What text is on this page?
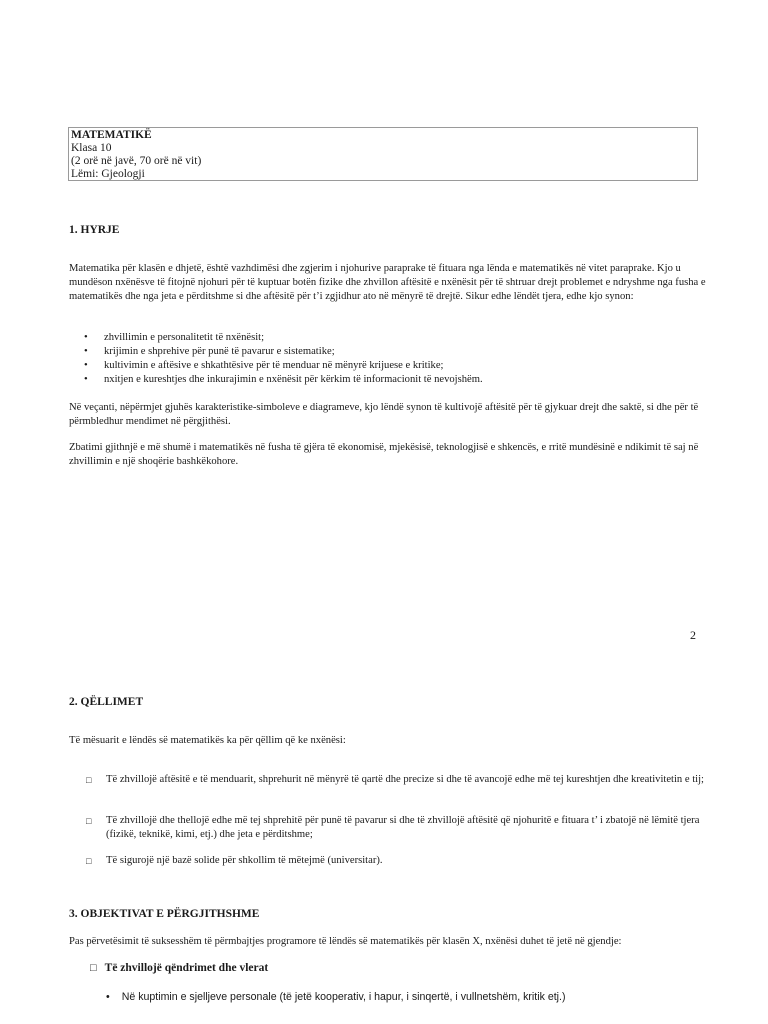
MATEMATIKË
Klasa 10
(2 orë në javë, 70 orë në vit)
Lëmi: Gjeologji
1. HYRJE
Matematika për klasën e dhjetë, është vazhdimësi dhe zgjerim i njohurive paraprake të fituara nga lënda e matematikës në vitet paraprake. Kjo u mundëson nxënësve të fitojnë njohuri për të kuptuar botën fizike dhe zhvillon aftësitë e nxënësit për të shtruar drejt problemet e ndryshme nga fusha e matematikës dhe nga jeta e përditshme si dhe aftësitë për t’i zgjidhur ato në mënyrë të drejtë. Sikur edhe lëndët tjera, edhe kjo synon:
• zhvillimin e personalitetit të nxënësit;
• krijimin e shprehive për punë të pavarur e sistematike;
• kultivimin e aftësive e shkathtësive për të menduar në mënyrë krijuese e kritike;
• nxitjen e kureshtjes dhe inkurajimin e nxënësit për kërkim të informacionit të nevojshëm.
Në veçanti, nëpërmjet gjuhës karakteristike-simboleve e diagrameve, kjo lëndë synon të kultivojë aftësitë për të gjykuar drejt dhe saktë, si dhe për të përmbledhur mendimet në përgjithësi.
Zbatimi gjithnjë e më shumë i matematikës në fusha të gjëra të ekonomisë, mjekësisë, teknologjisë e shkencës, e rritë mundësinë e ndikimit të saj në zhvillimin e një shoqërie bashkëkohore.
2
2. QËLLIMET
Të mësuarit e lëndës së matematikës ka për qëllim që ke nxënësi:
□ Të zhvillojë aftësitë e të menduarit, shprehurit në mënyrë të qartë dhe precize si dhe të avancojë edhe më tej kureshtjen dhe kreativitetin e tij;
□ Të zhvillojë dhe thellojë edhe më tej shprehitë për punë të pavarur si dhe të zhvillojë aftësitë që njohuritë e fituara t’ i zbatojë në lëmitë tjera (fizikë, teknikë, kimi, etj.) dhe jeta e përditshme;
□ Të sigurojë një bazë solide për shkollim të mëtejmë (universitar).
3. OBJEKTIVAT E PËRGJITHSHME
Pas përvetësimit të suksesshëm të përmbajtjes programore të lëndës së matematikës për klasën X, nxënësi duhet të jetë në gjendje:
□ Të zhvillojë qëndrimet dhe vlerat
• Në kuptimin e sjelljeve personale (të jetë kooperativ, i hapur, i sinqertë, i vullnetshëm, kritik etj.)
